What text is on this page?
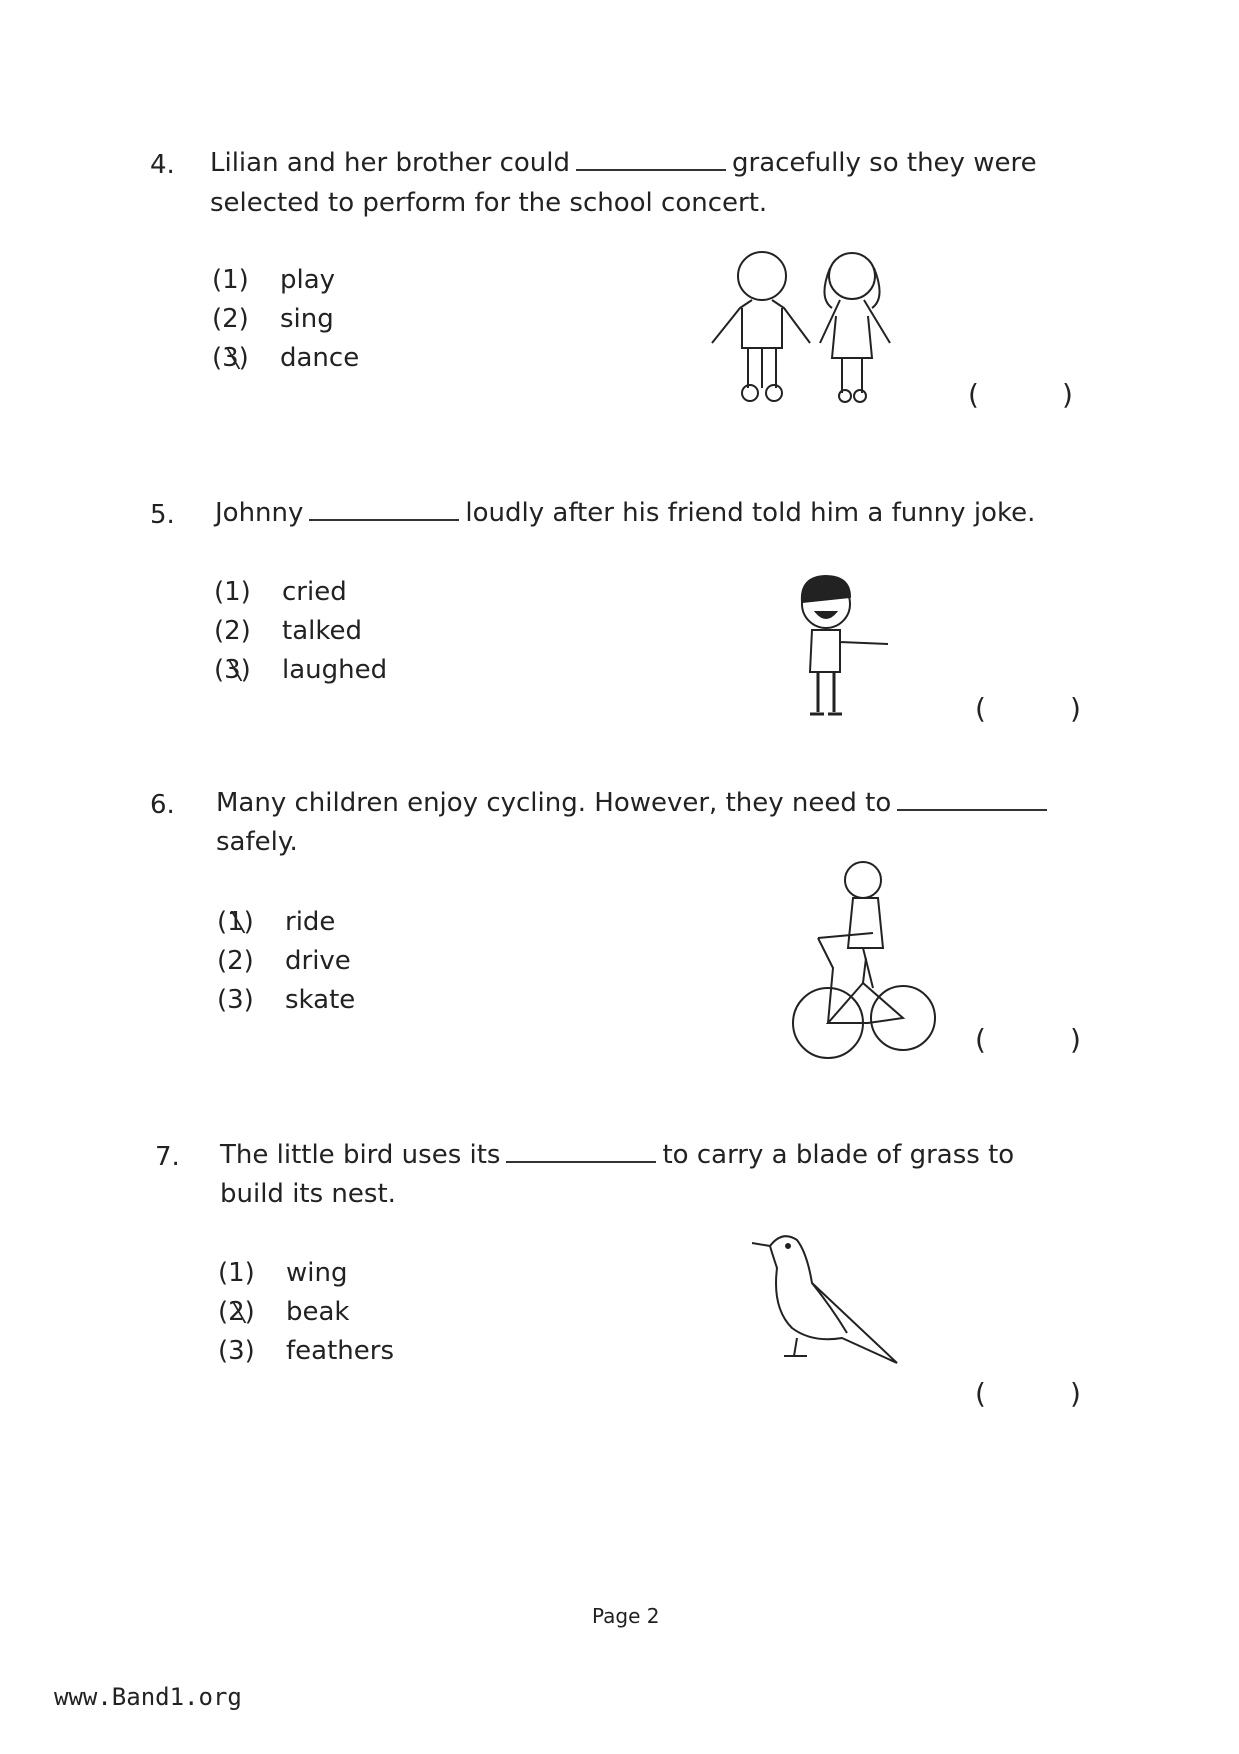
4. Lilian and her brother could	gracefully so they were
selected to perform for the school concert.
(1) play
(2) sing
(3) dance
(	)
5. Johnny	loudly after his friend told him a funny joke.
(1) cried
(2) talked
(3) laughed
(	)
6. Many children enjoy cycling. However, they need to
safely.
(1) ride
(2) drive
(3) skate
(	)
7. The little bird uses its	to carry a blade of grass to
build its nest.
(1) wing
(2) beak
(3) feathers
(	)
Page 2
www.Band1.org
